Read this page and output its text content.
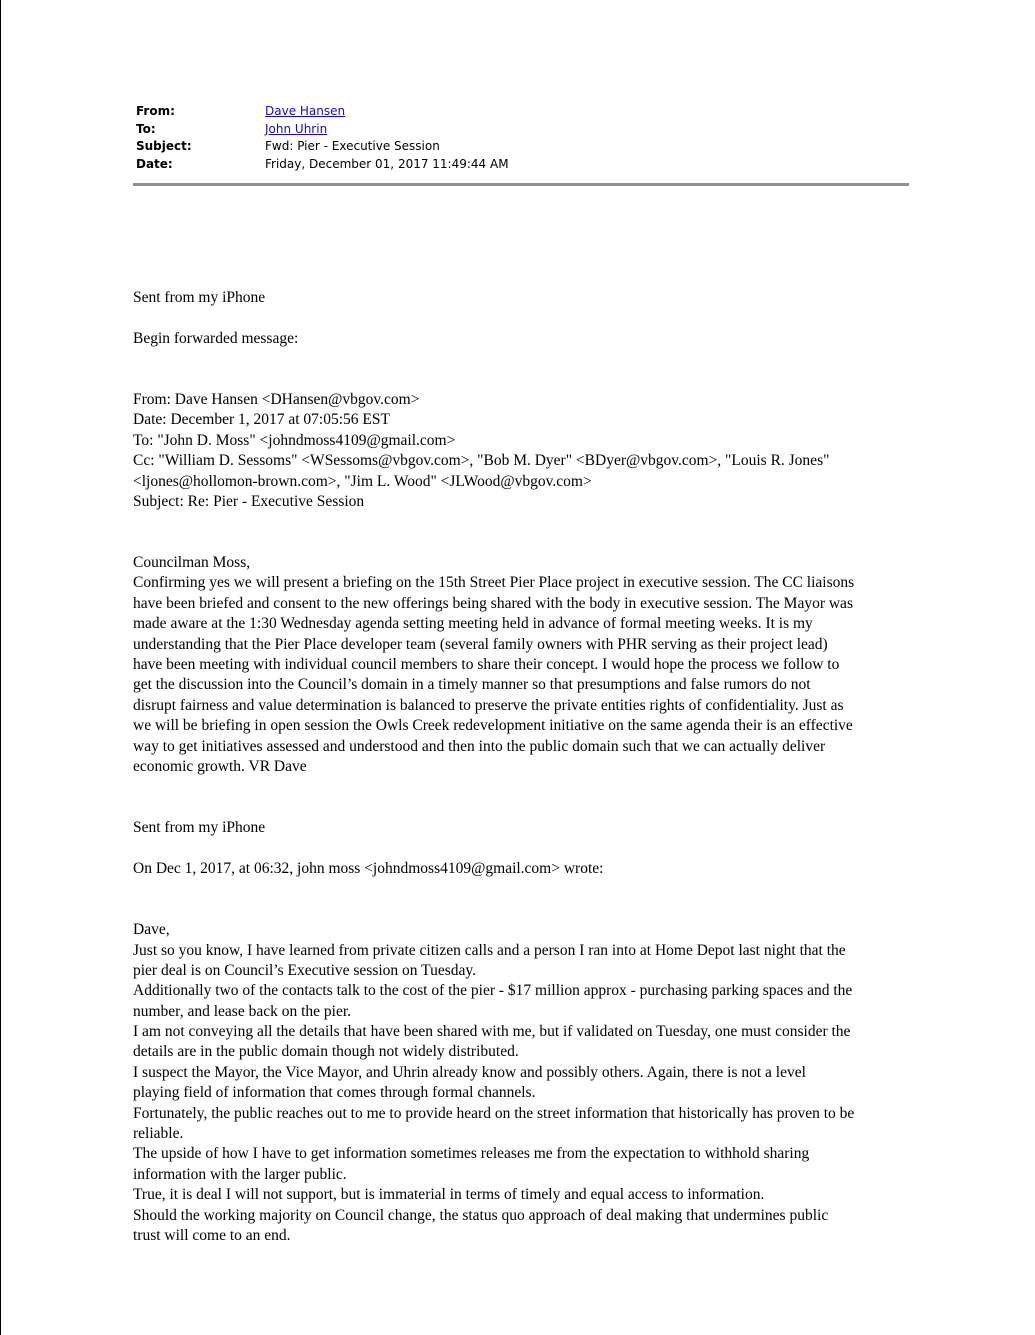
From:	Dave Hansen
To:	John Uhrin
Subject:	Fwd: Pier - Executive Session
Date:	Friday, December 01, 2017 11:49:44 AM
Sent from my iPhone
Begin forwarded message:
From: Dave Hansen <DHansen@vbgov.com>
Date: December 1, 2017 at 07:05:56 EST
To: "John D. Moss" <johndmoss4109@gmail.com>
Cc: "William D. Sessoms" <WSessoms@vbgov.com>, "Bob M. Dyer" <BDyer@vbgov.com>, "Louis R. Jones"
<ljones@hollomon-brown.com>, "Jim L. Wood" <JLWood@vbgov.com>
Subject: Re: Pier - Executive Session
Councilman Moss,
Confirming yes we will present a briefing on the 15th Street Pier Place project in executive session. The CC liaisons
have been briefed and consent to the new offerings being shared with the body in executive session. The Mayor was
made aware at the 1:30 Wednesday agenda setting meeting held in advance of formal meeting weeks. It is my
understanding that the Pier Place developer team (several family owners with PHR serving as their project lead)
have been meeting with individual council members to share their concept. I would hope the process we follow to
get the discussion into the Council’s domain in a timely manner so that presumptions and false rumors do not
disrupt fairness and value determination is balanced to preserve the private entities rights of confidentiality. Just as
we will be briefing in open session the Owls Creek redevelopment initiative on the same agenda their is an effective
way to get initiatives assessed and understood and then into the public domain such that we can actually deliver
economic growth. VR Dave
Sent from my iPhone
On Dec 1, 2017, at 06:32, john moss <johndmoss4109@gmail.com> wrote:
Dave,
Just so you know, I have learned from private citizen calls and a person I ran into at Home Depot last night that the
pier deal is on Council’s Executive session on Tuesday.
Additionally two of the contacts talk to the cost of the pier - $17 million approx - purchasing parking spaces and the
number, and lease back on the pier.
I am not conveying all the details that have been shared with me, but if validated on Tuesday, one must consider the
details are in the public domain though not widely distributed.
I suspect the Mayor, the Vice Mayor, and Uhrin already know and possibly others. Again, there is not a level
playing field of information that comes through formal channels.
Fortunately, the public reaches out to me to provide heard on the street information that historically has proven to be
reliable.
The upside of how I have to get information sometimes releases me from the expectation to withhold sharing
information with the larger public.
True, it is deal I will not support, but is immaterial in terms of timely and equal access to information.
Should the working majority on Council change, the status quo approach of deal making that undermines public
trust will come to an end.
